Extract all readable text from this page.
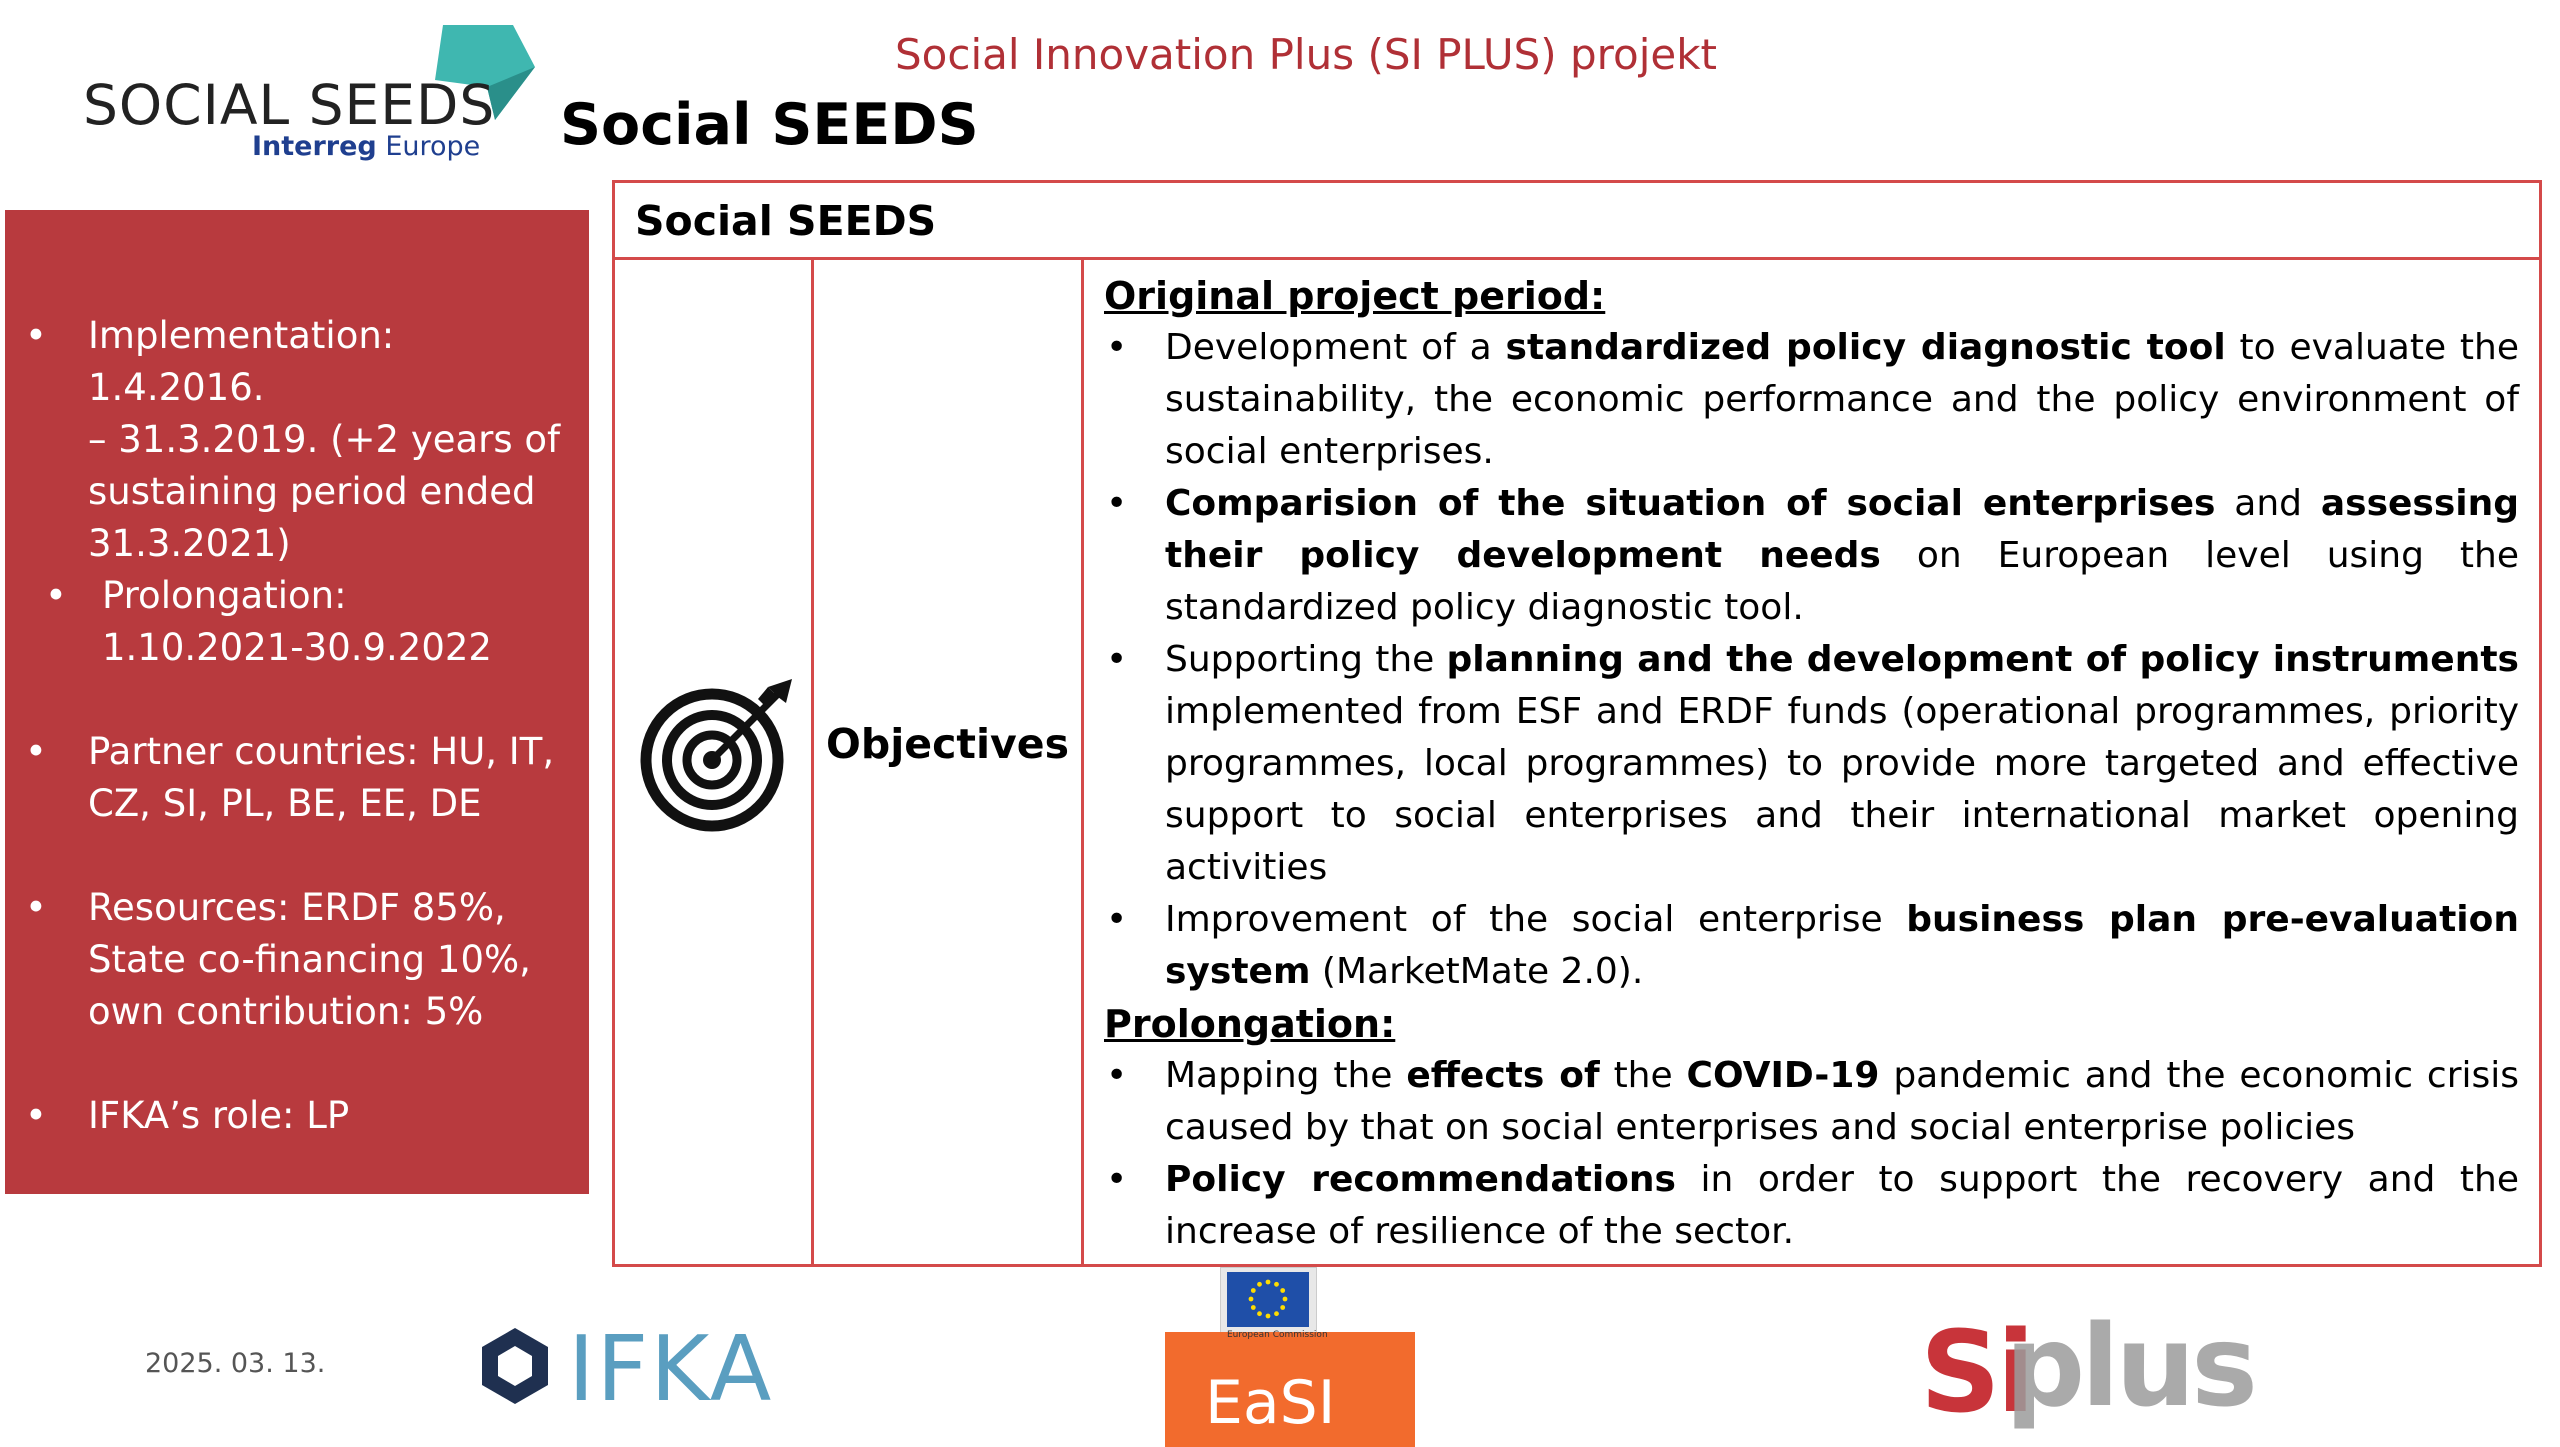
SOCIAL SEEDS
Interreg Europe
Social Innovation Plus (SI PLUS) projekt
Social SEEDS
• Implementation: 1.4.2016.
– 31.3.2019. (+2 years of
sustaining period ended
31.3.2021)
• Prolongation:
1.10.2021-30.9.2022
• Partner countries: HU, IT,
CZ, SI, PL, BE, EE, DE
• Resources: ERDF 85%,
State co-financing 10%,
own contribution: 5%
• IFKA’s role: LP
Social SEEDS
Objectives
Original project period:
• Development of a standardized policy diagnostic tool to evaluate the sustainability, the economic performance and the policy environment of social enterprises.
• Comparision of the situation of social enterprises and assessing their policy development needs on European level using the standardized policy diagnostic tool.
• Supporting the planning and the development of policy instruments implemented from ESF and ERDF funds (operational programmes, priority programmes, local programmes) to provide more targeted and effective support to social enterprises and their international market opening activities
• Improvement of the social enterprise business plan pre-evaluation system (MarketMate 2.0).
Prolongation:
• Mapping the effects of the COVID-19 pandemic and the economic crisis caused by that on social enterprises and social enterprise policies
• Policy recommendations in order to support the recovery and the increase of resilience of the sector.
2025. 03. 13.	IFKA	European Commission
EaSI	Si
plus
